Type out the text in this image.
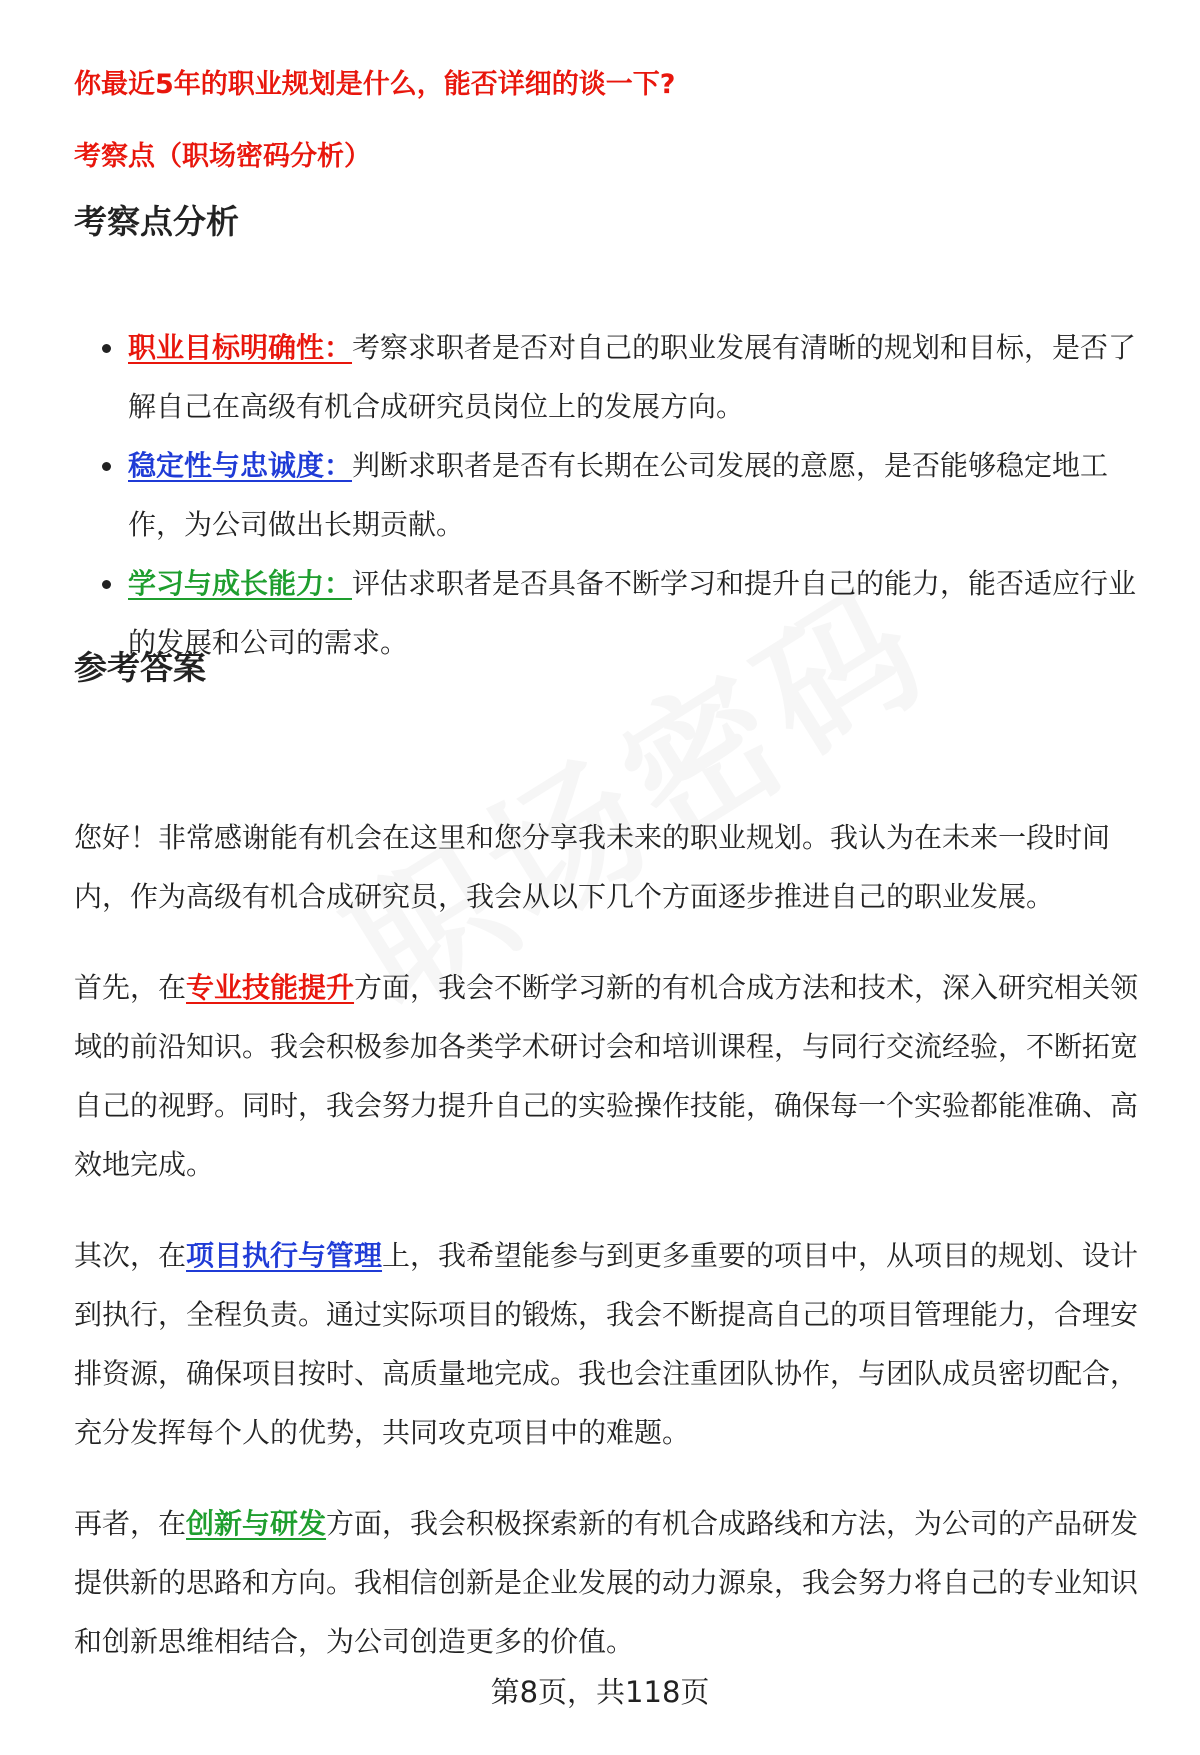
你最近5年的职业规划是什么，能否详细的谈一下?
考察点（职场密码分析）
考察点分析
职业目标明确性：考察求职者是否对自己的职业发展有清晰的规划和目标，是否了解自己在高级有机合成研究员岗位上的发展方向。
稳定性与忠诚度：判断求职者是否有长期在公司发展的意愿，是否能够稳定地工作，为公司做出长期贡献。
学习与成长能力：评估求职者是否具备不断学习和提升自己的能力，能否适应行业的发展和公司的需求。
参考答案

您好！非常感谢能有机会在这里和您分享我未来的职业规划。我认为在未来一段时间内，作为高级有机合成研究员，我会从以下几个方面逐步推进自己的职业发展。

首先，在专业技能提升方面，我会不断学习新的有机合成方法和技术，深入研究相关领域的前沿知识。我会积极参加各类学术研讨会和培训课程，与同行交流经验，不断拓宽自己的视野。同时，我会努力提升自己的实验操作技能，确保每一个实验都能准确、高效地完成。

其次，在项目执行与管理上，我希望能参与到更多重要的项目中，从项目的规划、设计到执行，全程负责。通过实际项目的锻炼，我会不断提高自己的项目管理能力，合理安排资源，确保项目按时、高质量地完成。我也会注重团队协作，与团队成员密切配合，充分发挥每个人的优势，共同攻克项目中的难题。

再者，在创新与研发方面，我会积极探索新的有机合成路线和方法，为公司的产品研发提供新的思路和方向。我相信创新是企业发展的动力源泉，我会努力将自己的专业知识和创新思维相结合，为公司创造更多的价值。

第8页，共118页
